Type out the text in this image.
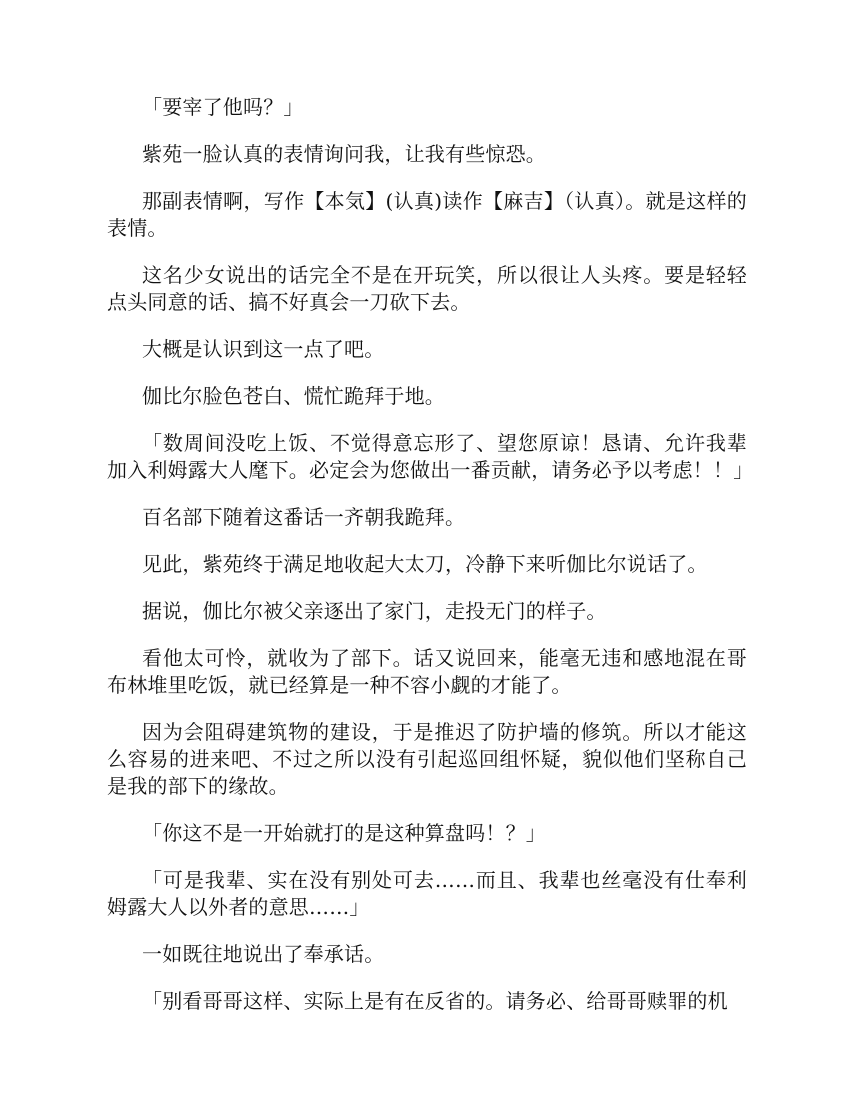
「要宰了他吗？」

紫苑一脸认真的表情询问我，让我有些惊恐。

那副表情啊，写作【本気】(认真)读作【麻吉】（认真）。就是这样的表情。

这名少女说出的话完全不是在开玩笑，所以很让人头疼。要是轻轻点头同意的话、搞不好真会一刀砍下去。

大概是认识到这一点了吧。

伽比尔脸色苍白、慌忙跪拜于地。

「数周间没吃上饭、不觉得意忘形了、望您原谅！恳请、允许我辈加入利姆露大人麾下。必定会为您做出一番贡献，请务必予以考虑！！」

百名部下随着这番话一齐朝我跪拜。

见此，紫苑终于满足地收起大太刀，冷静下来听伽比尔说话了。

据说，伽比尔被父亲逐出了家门，走投无门的样子。

看他太可怜，就收为了部下。话又说回来，能毫无违和感地混在哥布林堆里吃饭，就已经算是一种不容小觑的才能了。

因为会阻碍建筑物的建设，于是推迟了防护墙的修筑。所以才能这么容易的进来吧、不过之所以没有引起巡回组怀疑，貌似他们坚称自己是我的部下的缘故。

「你这不是一开始就打的是这种算盘吗！？」

「可是我辈、实在没有别处可去……而且、我辈也丝毫没有仕奉利姆露大人以外者的意思……」

一如既往地说出了奉承话。

「别看哥哥这样、实际上是有在反省的。请务必、给哥哥赎罪的机
